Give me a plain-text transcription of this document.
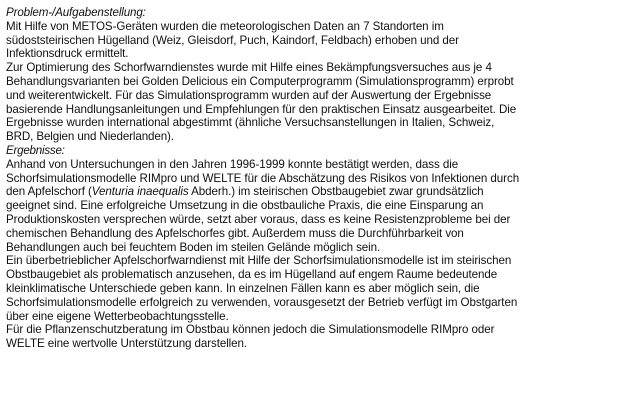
Problem-/Aufgabenstellung:
Mit Hilfe von METOS-Geräten wurden die meteorologischen Daten an 7 Standorten im
südoststeirischen Hügelland (Weiz, Gleisdorf, Puch, Kaindorf, Feldbach) erhoben und der
Infektionsdruck ermittelt.
Zur Optimierung des Schorfwarndienstes wurde mit Hilfe eines Bekämpfungsversuches aus je 4
Behandlungsvarianten bei Golden Delicious ein Computerprogramm (Simulationsprogramm) erprobt
und weiterentwickelt. Für das Simulationsprogramm wurden auf der Auswertung der Ergebnisse
basierende Handlungsanleitungen und Empfehlungen für den praktischen Einsatz ausgearbeitet. Die
Ergebnisse wurden international abgestimmt (ähnliche Versuchsanstellungen in Italien, Schweiz,
BRD, Belgien und Niederlanden).
Ergebnisse:
Anhand von Untersuchungen in den Jahren 1996-1999 konnte bestätigt werden, dass die
Schorfsimulationsmodelle RIMpro und WELTE für die Abschätzung des Risikos von Infektionen durch
den Apfelschorf (Venturia inaequalis Abderh.) im steirischen Obstbaugebiet zwar grundsätzlich
geeignet sind. Eine erfolgreiche Umsetzung in die obstbauliche Praxis, die eine Einsparung an
Produktionskosten versprechen würde, setzt aber voraus, dass es keine Resistenzprobleme bei der
chemischen Behandlung des Apfelschorfes gibt. Außerdem muss die Durchführbarkeit von
Behandlungen auch bei feuchtem Boden im steilen Gelände möglich sein.
Ein überbetrieblicher Apfelschorfwarndienst mit Hilfe der Schorfsimulationsmodelle ist im steirischen
Obstbaugebiet als problematisch anzusehen, da es im Hügelland auf engem Raume bedeutende
kleinklimatische Unterschiede geben kann. In einzelnen Fällen kann es aber möglich sein, die
Schorfsimulationsmodelle erfolgreich zu verwenden, vorausgesetzt der Betrieb verfügt im Obstgarten
über eine eigene Wetterbeobachtungsstelle.
Für die Pflanzenschutzberatung im Obstbau können jedoch die Simulationsmodelle RIMpro oder
WELTE eine wertvolle Unterstützung darstellen.
